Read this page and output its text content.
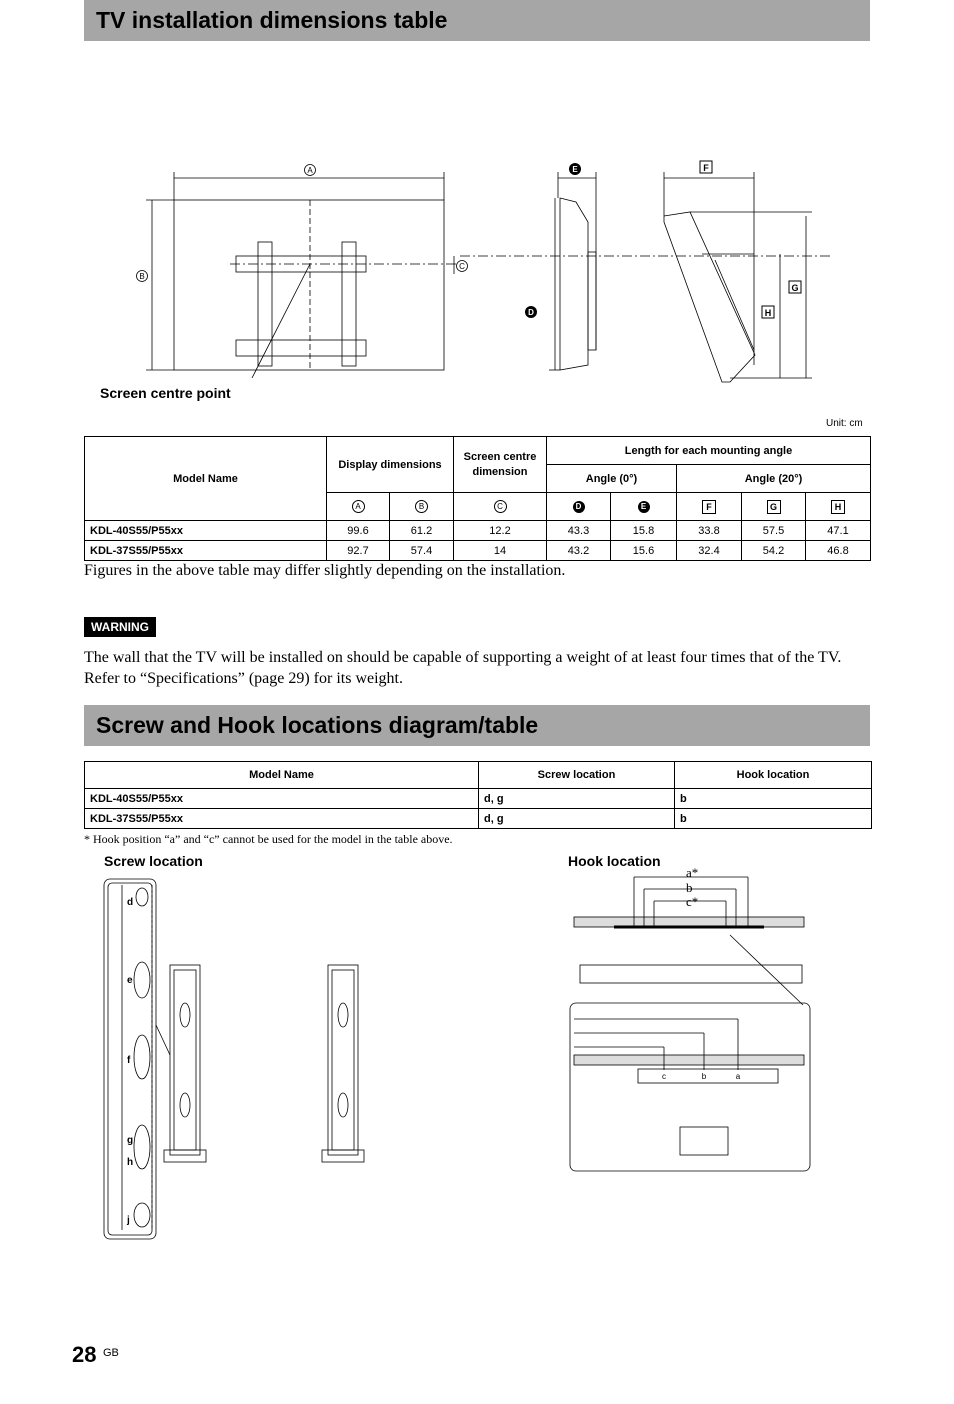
TV installation dimensions table
A
B
C
D
E	F
G
H
Screen centre point
Unit: cm
Model Name	Display dimensions		Screen centre
dimension	Length for each mounting angle				
				Angle (0°)		Angle (20°)		
	A	B	C	D	E	F	G	H
KDL-40S55/P55xx	99.6	61.2	12.2	43.3	15.8	33.8	57.5	47.1
KDL-37S55/P55xx	92.7	57.4	14	43.2	15.6	32.4	54.2	46.8
Figures in the above table may differ slightly depending on the installation.
WARNING
The wall that the TV will be installed on should be capable of supporting a weight of at least four times that of the TV. Refer to “Specifications” (page 29) for its weight.
Screw and Hook locations diagram/table
Model Name	Screw location	Hook location
KDL-40S55/P55xx	d, g	b
KDL-37S55/P55xx	d, g	b
* Hook position “a” and “c” cannot be used for the model in the table above.
Screw location	Hook location
d
e
f
g
h
j
a*
b
c*
c	b	a
28 GB
